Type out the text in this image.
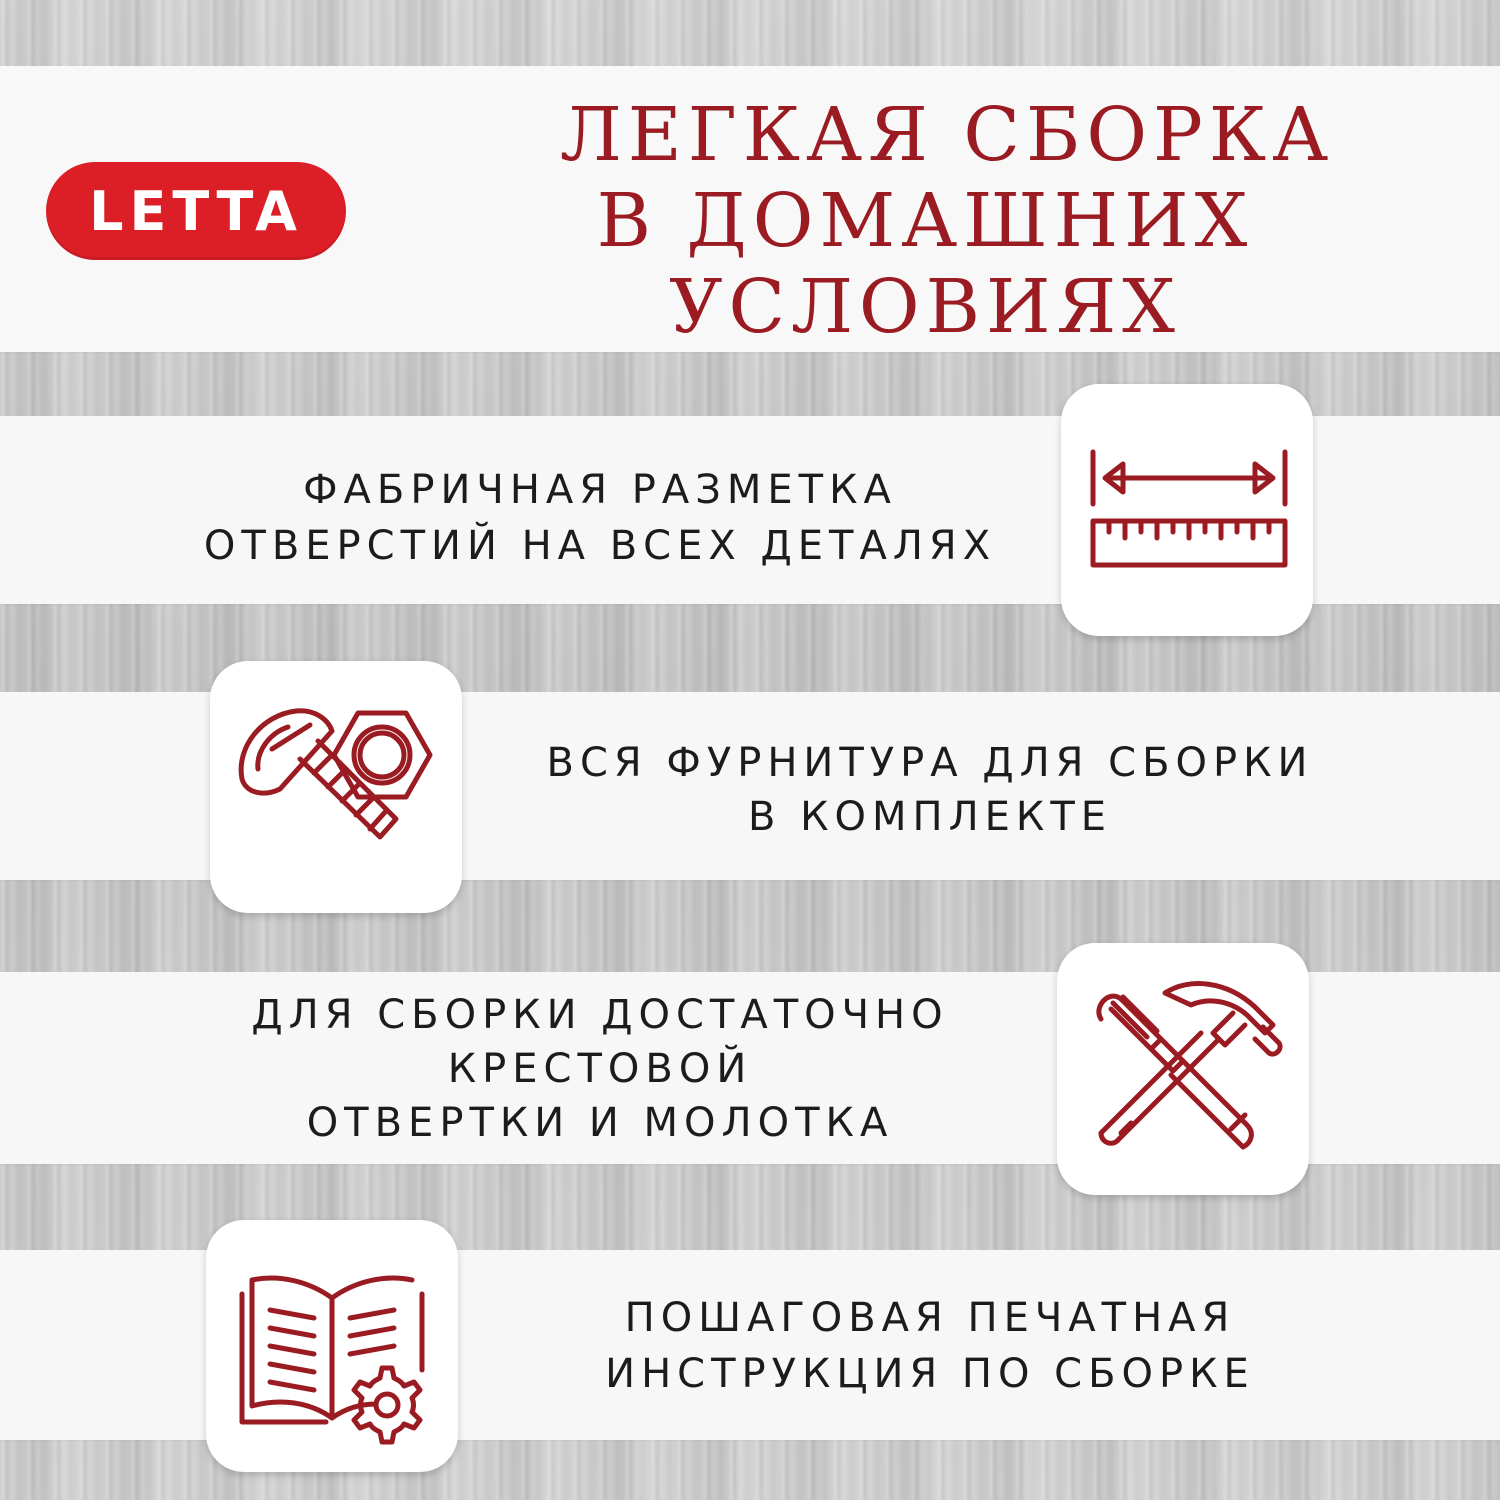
LETTA
ЛЕГКАЯ СБОРКА
В ДОМАШНИХ
УСЛОВИЯХ
ФАБРИЧНАЯ РАЗМЕТКА
ОТВЕРСТИЙ НА ВСЕХ ДЕТАЛЯХ
ВСЯ ФУРНИТУРА ДЛЯ СБОРКИ
В КОМПЛЕКТЕ
ДЛЯ СБОРКИ ДОСТАТОЧНО
КРЕСТОВОЙ
ОТВЕРТКИ И МОЛОТКА
ПОШАГОВАЯ ПЕЧАТНАЯ
ИНСТРУКЦИЯ ПО СБОРКЕ
